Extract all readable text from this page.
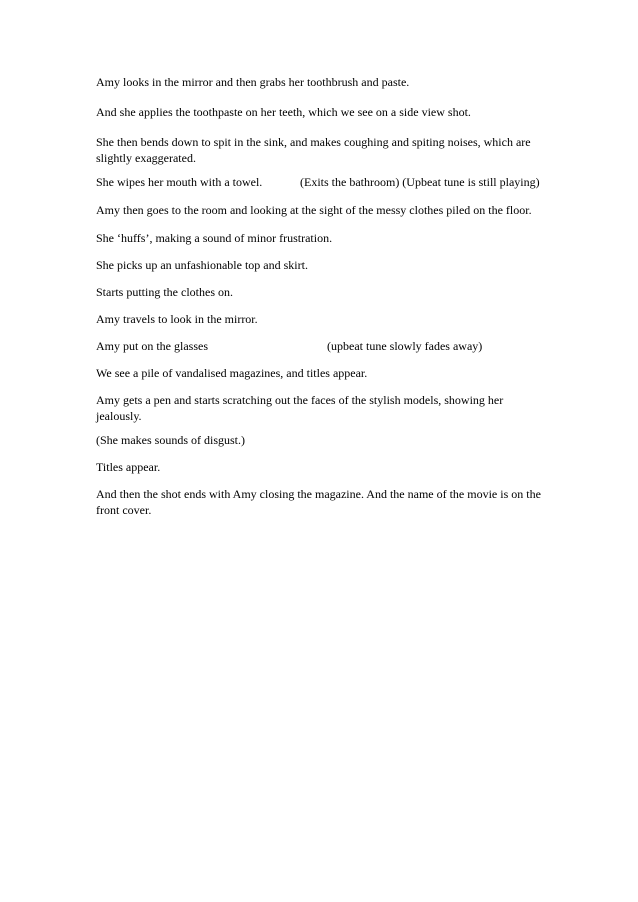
Amy looks in the mirror and then grabs her toothbrush and paste.

And she applies the toothpaste on her teeth, which we see on a side view shot.

She then bends down to spit in the sink, and makes coughing and spiting noises, which are slightly exaggerated.

She wipes her mouth with a towel.	(Exits the bathroom) (Upbeat tune is still playing)

Amy then goes to the room and looking at the sight of the messy clothes piled on the floor.

She ‘huffs’, making a sound of minor frustration.

She picks up an unfashionable top and skirt.

Starts putting the clothes on.

Amy travels to look in the mirror.

Amy put on the glasses	(upbeat tune slowly fades away)

We see a pile of vandalised magazines, and titles appear.

Amy gets a pen and starts scratching out the faces of the stylish models, showing her jealously.

(She makes sounds of disgust.)

Titles appear.

And then the shot ends with Amy closing the magazine. And the name of the movie is on the front cover.
